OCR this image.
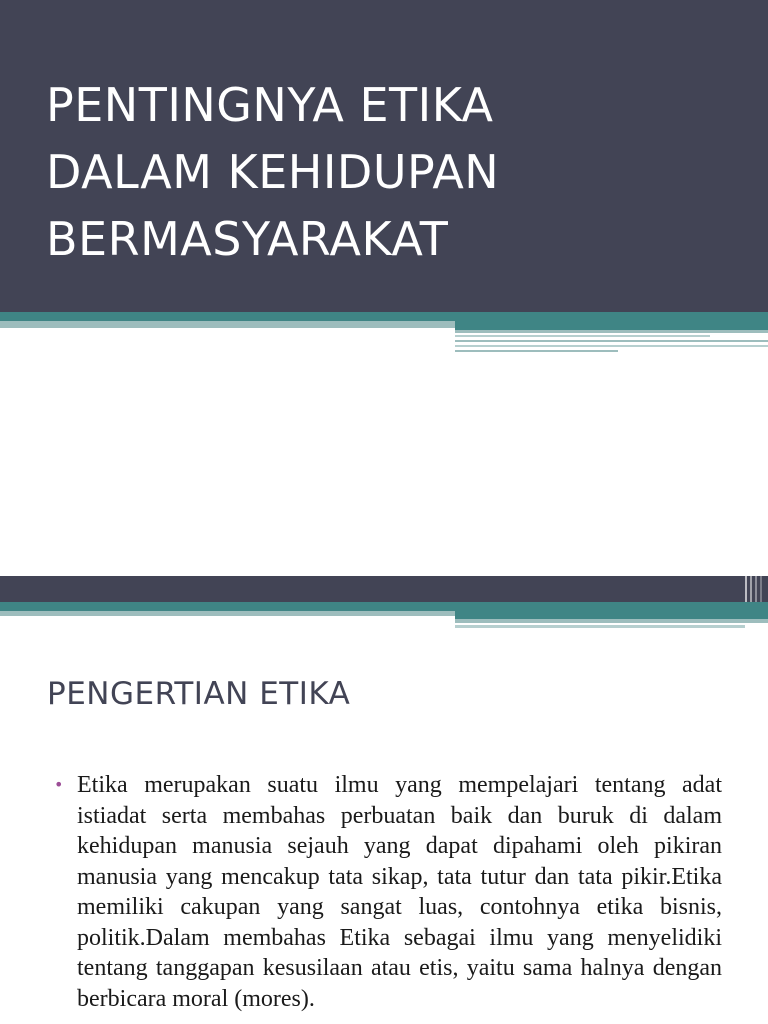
PENTINGNYA ETIKA
DALAM KEHIDUPAN
BERMASYARAKAT
PENGERTIAN ETIKA
• Etika merupakan suatu ilmu yang mempelajari tentang adat istiadat serta membahas perbuatan baik dan buruk di dalam kehidupan manusia sejauh yang dapat dipahami oleh pikiran manusia yang mencakup tata sikap, tata tutur dan tata pikir.Etika memiliki cakupan yang sangat luas, contohnya etika bisnis, politik.Dalam membahas Etika sebagai ilmu yang menyelidiki tentang tanggapan kesusilaan atau etis, yaitu sama halnya dengan berbicara moral (mores).
